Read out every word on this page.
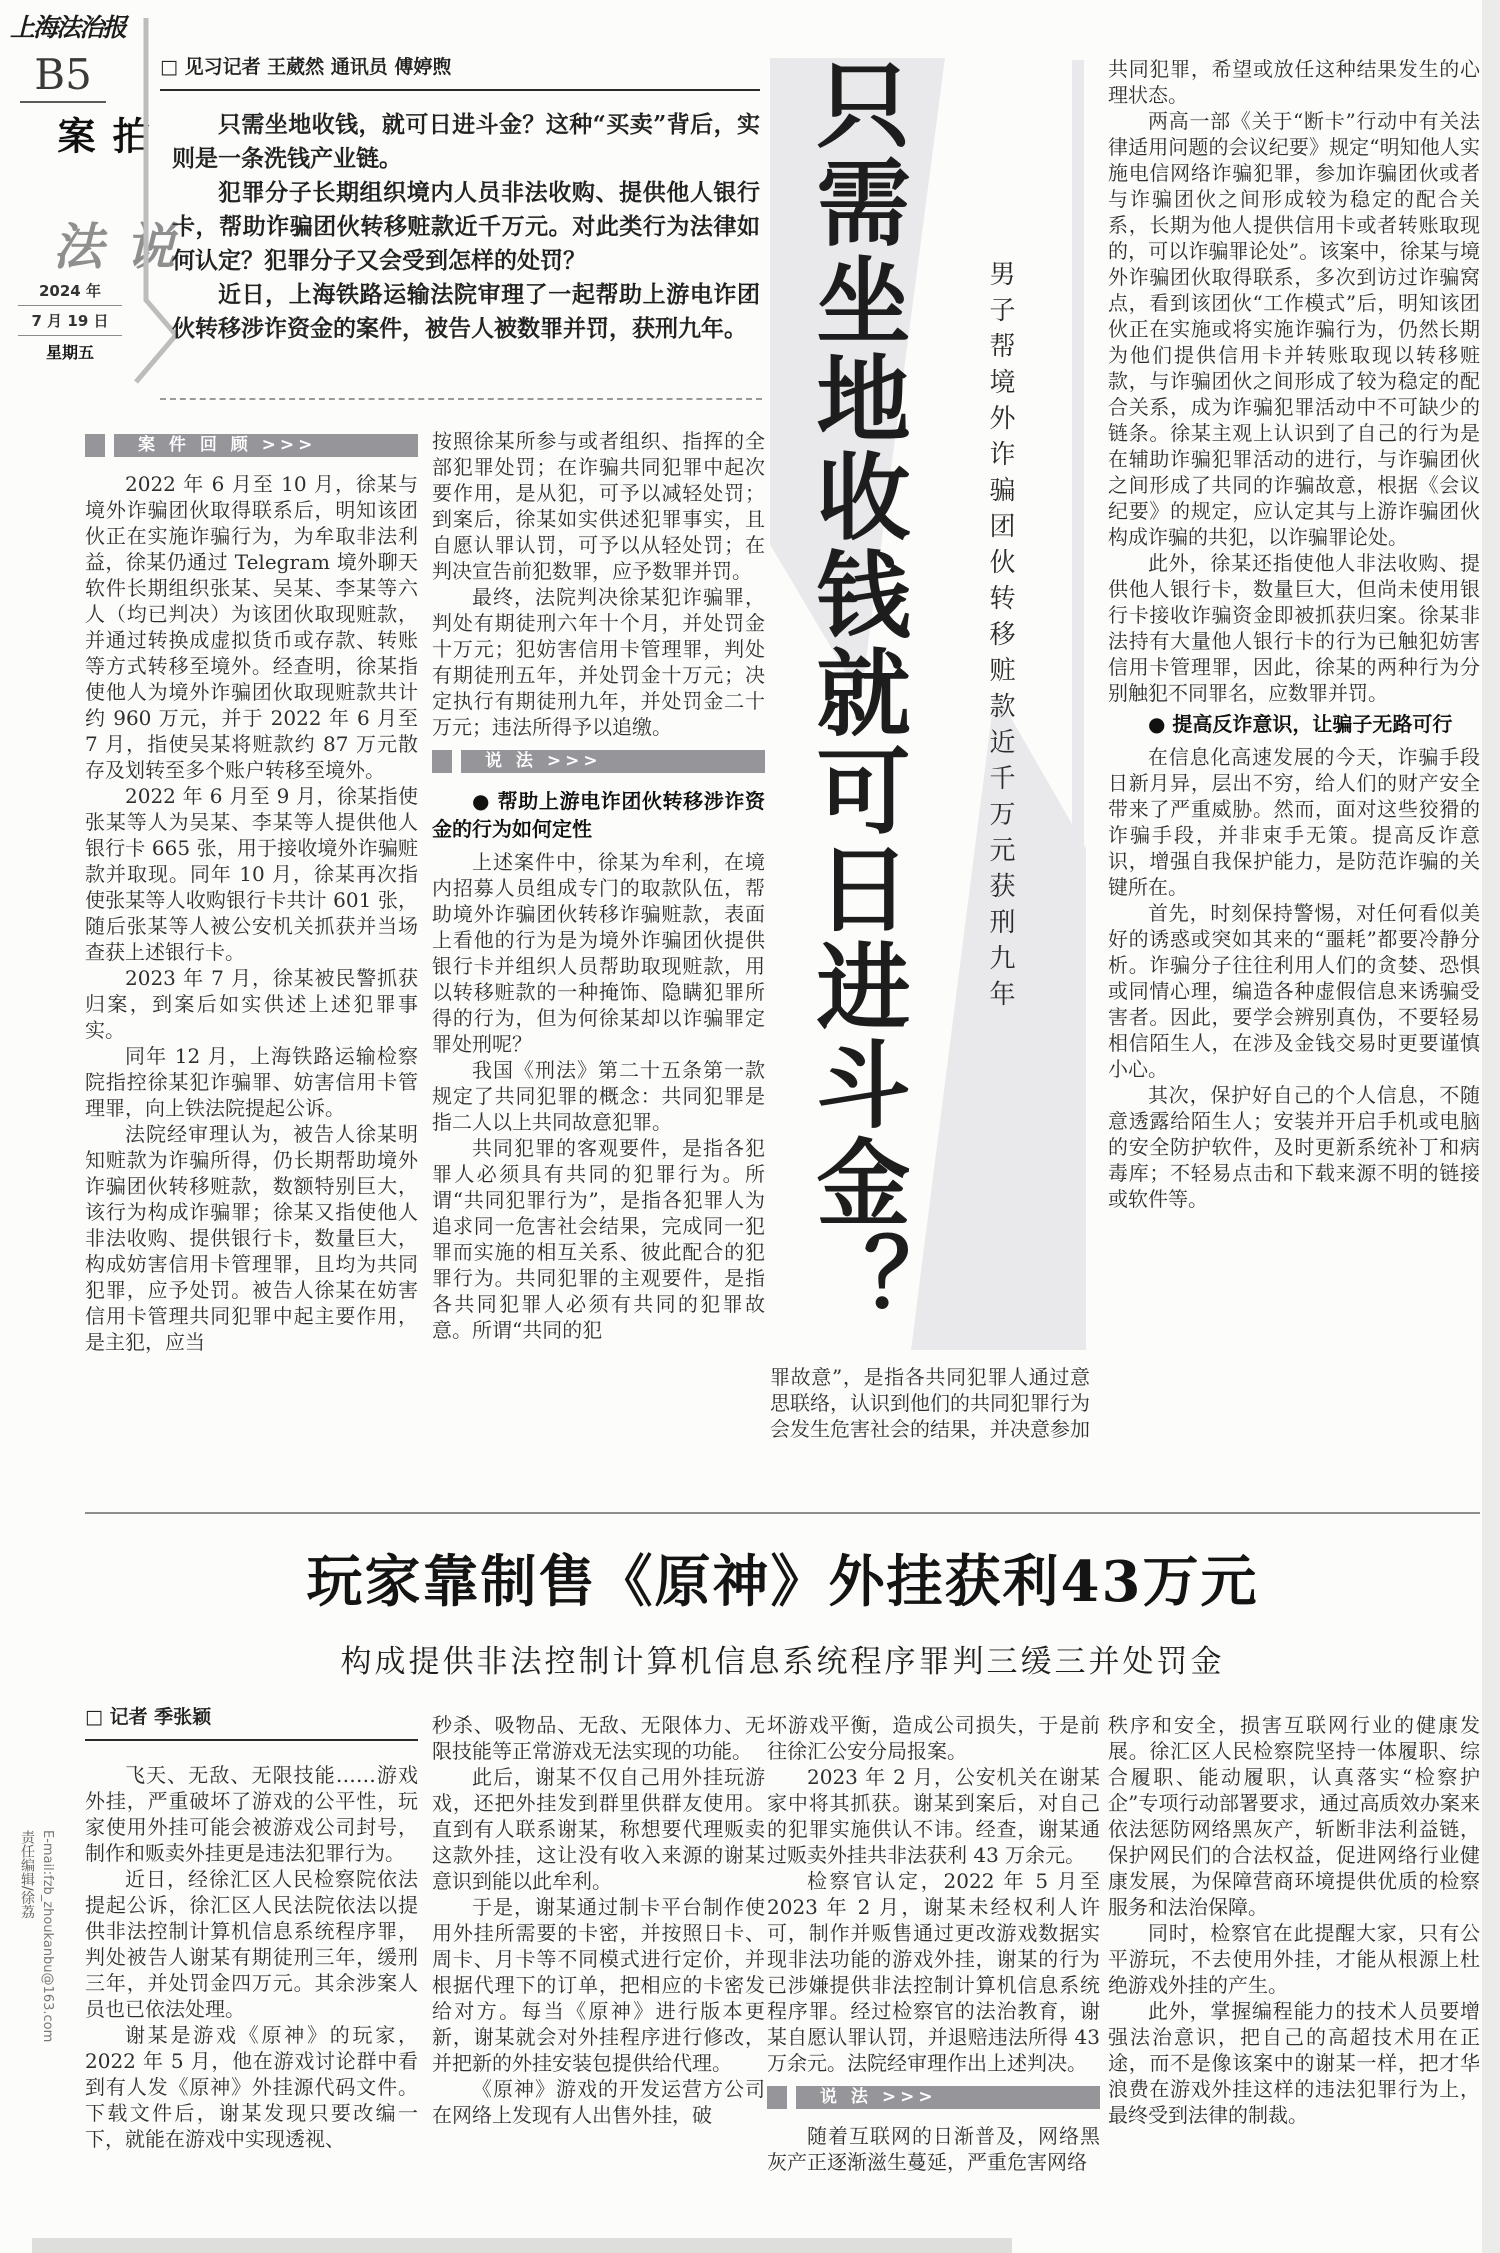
上海法治报
B5
拍案
说法
2024 年
7 月 19 日
星期五
责任编辑/徐荔 E-mail:fzb_zhoukanbu@163.com
□ 见习记者 王葳然 通讯员 傅婷煦

只需坐地收钱，就可日进斗金？这种“买卖”背后，实则是一条洗钱产业链。

犯罪分子长期组织境内人员非法收购、提供他人银行卡，帮助诈骗团伙转移赃款近千万元。对此类行为法律如何认定？犯罪分子又会受到怎样的处罚？

近日，上海铁路运输法院审理了一起帮助上游电诈团伙转移涉诈资金的案件，被告人被数罪并罚，获刑九年。

案 件 回 顾 >>>

2022 年 6 月至 10 月，徐某与境外诈骗团伙取得联系后，明知该团伙正在实施诈骗行为，为牟取非法利益，徐某仍通过 Telegram 境外聊天软件长期组织张某、吴某、李某等六人（均已判决）为该团伙取现赃款，并通过转换成虚拟货币或存款、转账等方式转移至境外。经查明，徐某指使他人为境外诈骗团伙取现赃款共计约 960 万元，并于 2022 年 6 月至 7 月，指使吴某将赃款约 87 万元散存及划转至多个账户转移至境外。

2022 年 6 月至 9 月，徐某指使张某等人为吴某、李某等人提供他人银行卡 665 张，用于接收境外诈骗赃款并取现。同年 10 月，徐某再次指使张某等人收购银行卡共计 601 张，随后张某等人被公安机关抓获并当场查获上述银行卡。

2023 年 7 月，徐某被民警抓获归案，到案后如实供述上述犯罪事实。

同年 12 月，上海铁路运输检察院指控徐某犯诈骗罪、妨害信用卡管理罪，向上铁法院提起公诉。

法院经审理认为，被告人徐某明知赃款为诈骗所得，仍长期帮助境外诈骗团伙转移赃款，数额特别巨大，该行为构成诈骗罪；徐某又指使他人非法收购、提供银行卡，数量巨大，构成妨害信用卡管理罪，且均为共同犯罪，应予处罚。被告人徐某在妨害信用卡管理共同犯罪中起主要作用，是主犯，应当

按照徐某所参与或者组织、指挥的全部犯罪处罚；在诈骗共同犯罪中起次要作用，是从犯，可予以减轻处罚；到案后，徐某如实供述犯罪事实，且自愿认罪认罚，可予以从轻处罚；在判决宣告前犯数罪，应予数罪并罚。

最终，法院判决徐某犯诈骗罪，判处有期徒刑六年十个月，并处罚金十万元；犯妨害信用卡管理罪，判处有期徒刑五年，并处罚金十万元；决定执行有期徒刑九年，并处罚金二十万元；违法所得予以追缴。

说 法 >>>
● 帮助上游电诈团伙转移涉诈资金的行为如何定性

上述案件中，徐某为牟利，在境内招募人员组成专门的取款队伍，帮助境外诈骗团伙转移诈骗赃款，表面上看他的行为是为境外诈骗团伙提供银行卡并组织人员帮助取现赃款，用以转移赃款的一种掩饰、隐瞒犯罪所得的行为，但为何徐某却以诈骗罪定罪处刑呢？

我国《刑法》第二十五条第一款规定了共同犯罪的概念：共同犯罪是指二人以上共同故意犯罪。

共同犯罪的客观要件，是指各犯罪人必须具有共同的犯罪行为。所谓“共同犯罪行为”，是指各犯罪人为追求同一危害社会结果，完成同一犯罪而实施的相互关系、彼此配合的犯罪行为。共同犯罪的主观要件，是指各共同犯罪人必须有共同的犯罪故意。所谓“共同的犯	只需坐地收钱就可日进斗金？	男子帮境外诈骗团伙转移赃款近千万元获刑九年

罪故意”，是指各共同犯罪人通过意思联络，认识到他们的共同犯罪行为会发生危害社会的结果，并决意参加

共同犯罪，希望或放任这种结果发生的心理状态。

两高一部《关于“断卡”行动中有关法律适用问题的会议纪要》规定“明知他人实施电信网络诈骗犯罪，参加诈骗团伙或者与诈骗团伙之间形成较为稳定的配合关系，长期为他人提供信用卡或者转账取现的，可以诈骗罪论处”。该案中，徐某与境外诈骗团伙取得联系，多次到访过诈骗窝点，看到该团伙“工作模式”后，明知该团伙正在实施或将实施诈骗行为，仍然长期为他们提供信用卡并转账取现以转移赃款，与诈骗团伙之间形成了较为稳定的配合关系，成为诈骗犯罪活动中不可缺少的链条。徐某主观上认识到了自己的行为是在辅助诈骗犯罪活动的进行，与诈骗团伙之间形成了共同的诈骗故意，根据《会议纪要》的规定，应认定其与上游诈骗团伙构成诈骗的共犯，以诈骗罪论处。

此外，徐某还指使他人非法收购、提供他人银行卡，数量巨大，但尚未使用银行卡接收诈骗资金即被抓获归案。徐某非法持有大量他人银行卡的行为已触犯妨害信用卡管理罪，因此，徐某的两种行为分别触犯不同罪名，应数罪并罚。

● 提高反诈意识，让骗子无路可行

在信息化高速发展的今天，诈骗手段日新月异，层出不穷，给人们的财产安全带来了严重威胁。然而，面对这些狡猾的诈骗手段，并非束手无策。提高反诈意识，增强自我保护能力，是防范诈骗的关键所在。

首先，时刻保持警惕，对任何看似美好的诱惑或突如其来的“噩耗”都要冷静分析。诈骗分子往往利用人们的贪婪、恐惧或同情心理，编造各种虚假信息来诱骗受害者。因此，要学会辨别真伪，不要轻易相信陌生人，在涉及金钱交易时更要谨慎小心。

其次，保护好自己的个人信息，不随意透露给陌生人；安装并开启手机或电脑的安全防护软件，及时更新系统补丁和病毒库；不轻易点击和下载来源不明的链接或软件等。

玩家靠制售《原神》外挂获利43万元
构成提供非法控制计算机信息系统程序罪判三缓三并处罚金
□ 记者 季张颖

飞天、无敌、无限技能……游戏外挂，严重破坏了游戏的公平性，玩家使用外挂可能会被游戏公司封号，制作和贩卖外挂更是违法犯罪行为。

近日，经徐汇区人民检察院依法提起公诉，徐汇区人民法院依法以提供非法控制计算机信息系统程序罪，判处被告人谢某有期徒刑三年，缓刑三年，并处罚金四万元。其余涉案人员也已依法处理。

谢某是游戏《原神》的玩家，2022 年 5 月，他在游戏讨论群中看到有人发《原神》外挂源代码文件。下载文件后，谢某发现只要改编一下，就能在游戏中实现透视、

秒杀、吸物品、无敌、无限体力、无限技能等正常游戏无法实现的功能。

此后，谢某不仅自己用外挂玩游戏，还把外挂发到群里供群友使用。直到有人联系谢某，称想要代理贩卖这款外挂，这让没有收入来源的谢某意识到能以此牟利。

于是，谢某通过制卡平台制作使用外挂所需要的卡密，并按照日卡、周卡、月卡等不同模式进行定价，并根据代理下的订单，把相应的卡密发给对方。每当《原神》进行版本更新，谢某就会对外挂程序进行修改，并把新的外挂安装包提供给代理。

《原神》游戏的开发运营方公司在网络上发现有人出售外挂，破

坏游戏平衡，造成公司损失，于是前往徐汇公安分局报案。

2023 年 2 月，公安机关在谢某家中将其抓获。谢某到案后，对自己的犯罪实施供认不讳。经查，谢某通过贩卖外挂共非法获利 43 万余元。

检察官认定，2022 年 5 月至 2023 年 2 月，谢某未经权利人许可，制作并贩售通过更改游戏数据实现非法功能的游戏外挂，谢某的行为已涉嫌提供非法控制计算机信息系统程序罪。经过检察官的法治教育，谢某自愿认罪认罚，并退赔违法所得 43 万余元。法院经审理作出上述判决。

说 法 >>>

随着互联网的日渐普及，网络黑灰产正逐渐滋生蔓延，严重危害网络

秩序和安全，损害互联网行业的健康发展。徐汇区人民检察院坚持一体履职、综合履职、能动履职，认真落实“检察护企”专项行动部署要求，通过高质效办案来依法惩防网络黑灰产，斩断非法利益链，保护网民们的合法权益，促进网络行业健康发展，为保障营商环境提供优质的检察服务和法治保障。

同时，检察官在此提醒大家，只有公平游玩，不去使用外挂，才能从根源上杜绝游戏外挂的产生。

此外，掌握编程能力的技术人员要增强法治意识，把自己的高超技术用在正途，而不是像该案中的谢某一样，把才华浪费在游戏外挂这样的违法犯罪行为上，最终受到法律的制裁。
